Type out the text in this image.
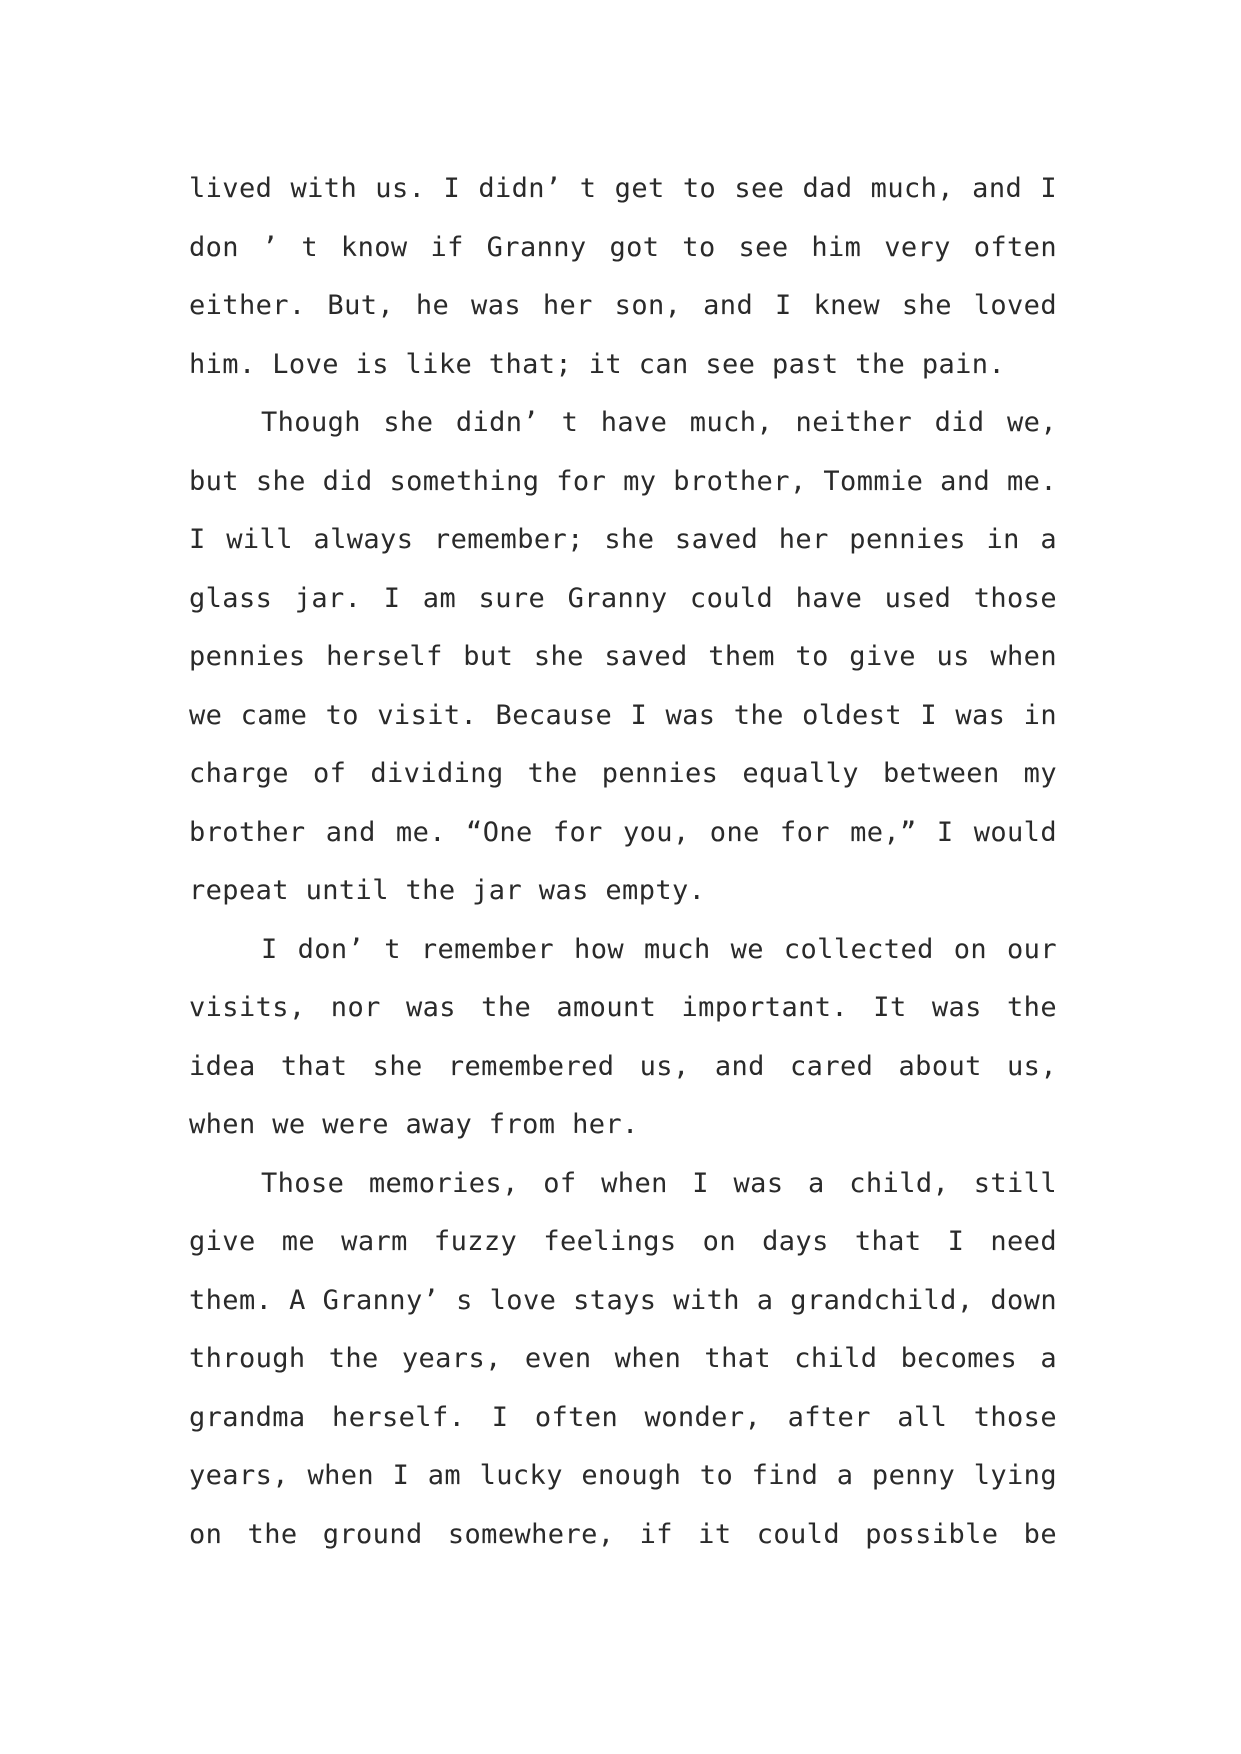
lived with us. I didn’ t get to see dad much, and I
don ’ t know if Granny got to see him very often
either. But, he was her son, and I knew she loved
him. Love is like that; it can see past the pain.
Though she didn’ t have much, neither did we,
but she did something for my brother, Tommie and me.
I will always remember; she saved her pennies in a
glass jar. I am sure Granny could have used those
pennies herself but she saved them to give us when
we came to visit. Because I was the oldest I was in
charge of dividing the pennies equally between my
brother and me. “One for you, one for me,” I would
repeat until the jar was empty.
I don’ t remember how much we collected on our
visits, nor was the amount important. It was the
idea that she remembered us, and cared about us,
when we were away from her.
Those memories, of when I was a child, still
give me warm fuzzy feelings on days that I need
them. A Granny’ s love stays with a grandchild, down
through the years, even when that child becomes a
grandma herself. I often wonder, after all those
years, when I am lucky enough to find a penny lying
on the ground somewhere, if it could possible be
